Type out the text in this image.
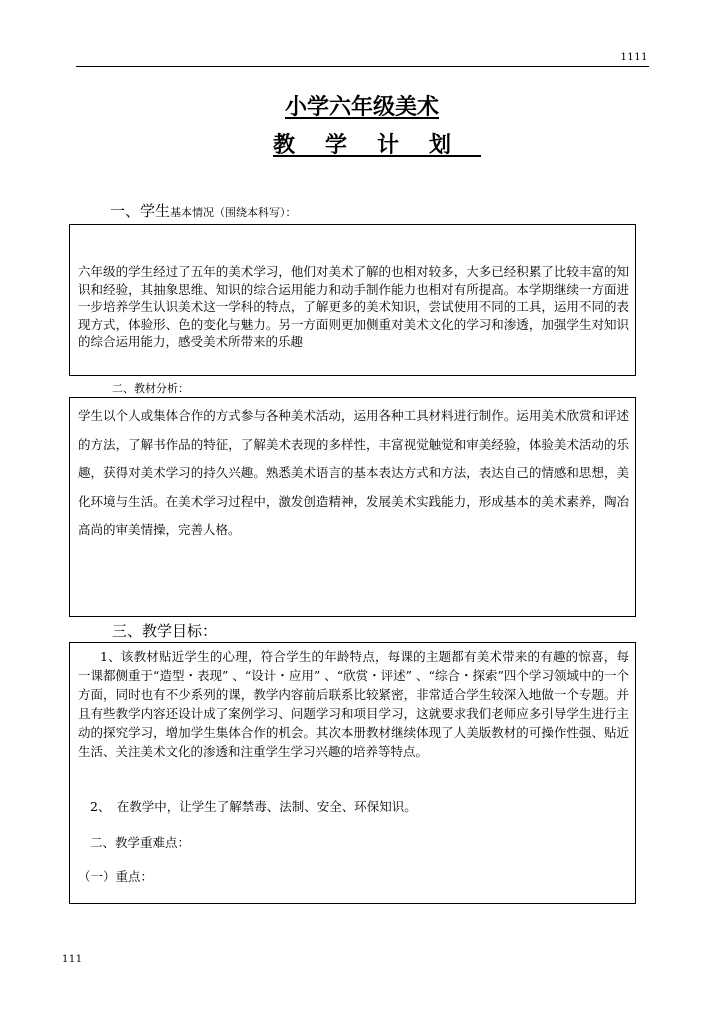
1111
小学六年级美术
教学计划
一、学生基本情况（围绕本科写）：
六年级的学生经过了五年的美术学习，他们对美术了解的也相对较多，大多已经积累了比较丰富的知识和经验，其抽象思维、知识的综合运用能力和动手制作能力也相对有所提高。本学期继续一方面进一步培养学生认识美术这一学科的特点，了解更多的美术知识，尝试使用不同的工具，运用不同的表现方式，体验形、色的变化与魅力。另一方面则更加侧重对美术文化的学习和渗透，加强学生对知识的综合运用能力，感受美术所带来的乐趣
二、教材分析：
学生以个人或集体合作的方式参与各种美术活动，运用各种工具材料进行制作。运用美术欣赏和评述的方法，了解书作品的特征，了解美术表现的多样性，丰富视觉触觉和审美经验，体验美术活动的乐趣，获得对美术学习的持久兴趣。熟悉美术语言的基本表达方式和方法，表达自己的情感和思想，美化环境与生活。在美术学习过程中，激发创造精神，发展美术实践能力，形成基本的美术素养，陶冶高尚的审美情操，完善人格。
三、教学目标：
1、该教材贴近学生的心理，符合学生的年龄特点，每课的主题都有美术带来的有趣的惊喜，每一课都侧重于“造型・表现” 、“设计・应用” 、“欣赏・评述” 、“综合・探索”四个学习领域中的一个方面，同时也有不少系列的课，教学内容前后联系比较紧密，非常适合学生较深入地做一个专题。并且有些教学内容还设计成了案例学习、问题学习和项目学习，这就要求我们老师应多引导学生进行主动的探究学习，增加学生集体合作的机会。其次本册教材继续体现了人美版教材的可操作性强、贴近生活、关注美术文化的渗透和注重学生学习兴趣的培养等特点。
2、　在教学中，让学生了解禁毒、法制、安全、环保知识。
二、教学重难点：
（一）重点：
111
